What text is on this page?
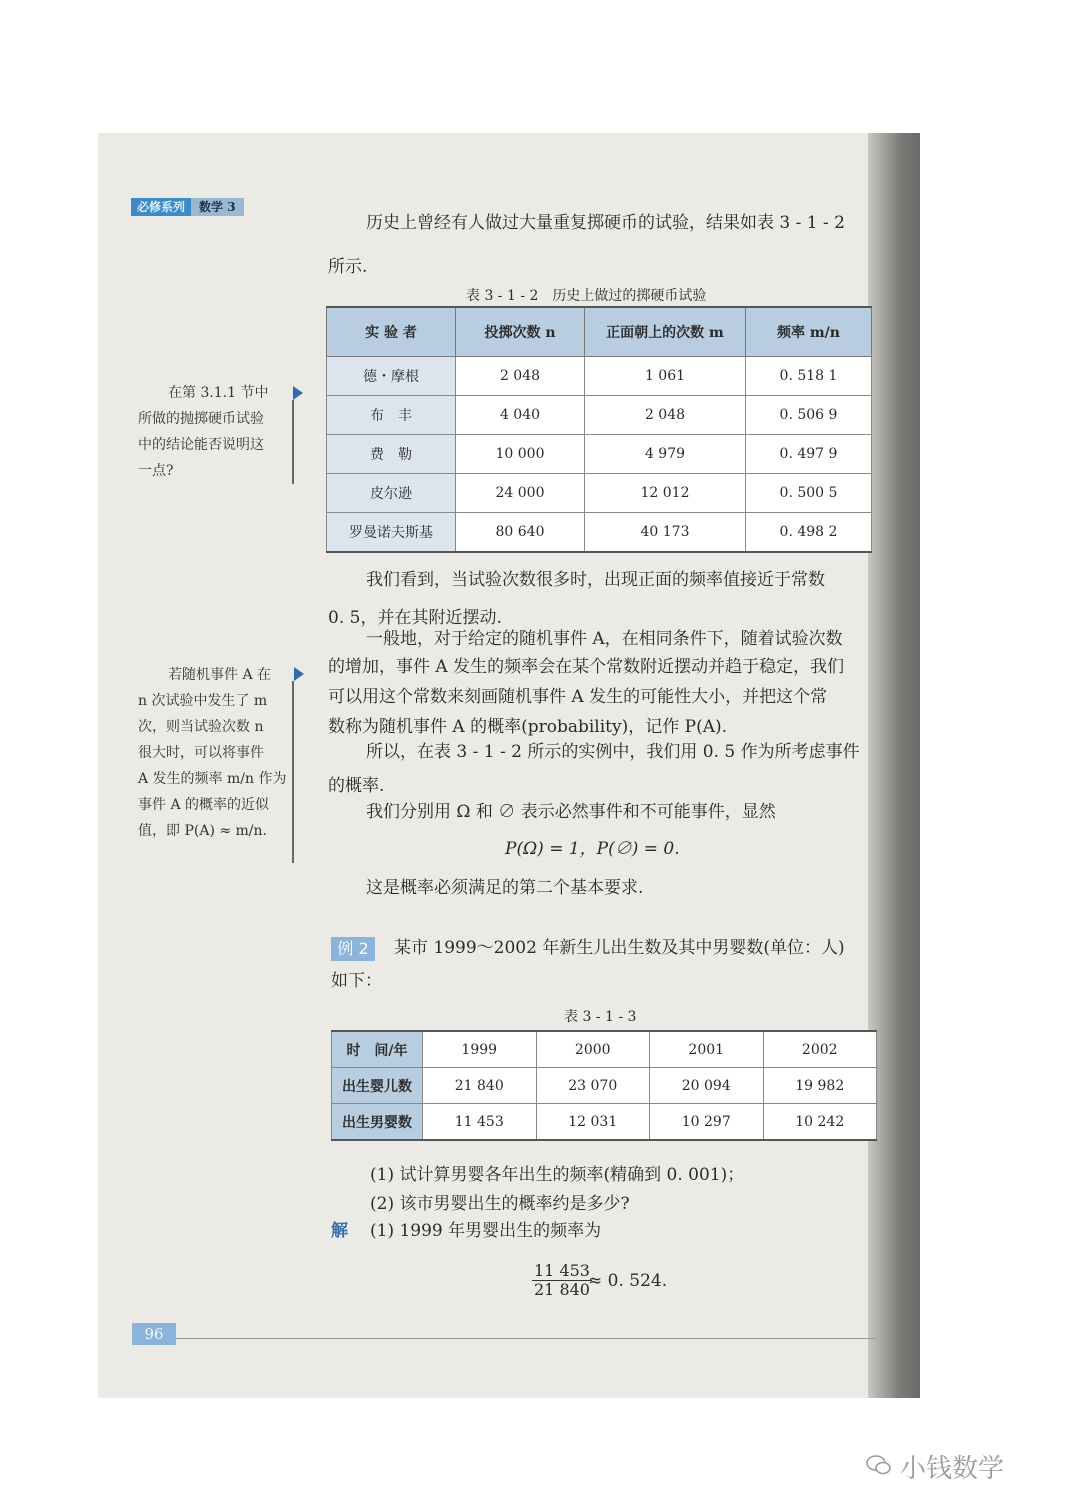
必修系列	数学 3
历史上曾经有人做过大量重复掷硬币的试验，结果如表 3 - 1 - 2
所示.
表 3 - 1 - 2　历史上做过的掷硬币试验
实 验 者	投掷次数 n	正面朝上的次数 m	频率 m/n
德・摩根	2 048	1 061	0. 518 1
布　丰	4 040	2 048	0. 506 9
费　勒	10 000	4 979	0. 497 9
皮尔逊	24 000	12 012	0. 500 5
罗曼诺夫斯基	80 640	40 173	0. 498 2
在第 3.1.1 节中
所做的抛掷硬币试验
中的结论能否说明这
一点?
我们看到，当试验次数很多时，出现正面的频率值接近于常数
0. 5，并在其附近摆动.
一般地，对于给定的随机事件 A，在相同条件下，随着试验次数
的增加，事件 A 发生的频率会在某个常数附近摆动并趋于稳定，我们
可以用这个常数来刻画随机事件 A 发生的可能性大小，并把这个常
数称为随机事件 A 的概率(probability)，记作 P(A).
所以，在表 3 - 1 - 2 所示的实例中，我们用 0. 5 作为所考虑事件
的概率.
我们分别用 Ω 和 ∅ 表示必然事件和不可能事件，显然
P(Ω) = 1，P(∅) = 0.
这是概率必须满足的第二个基本要求.
若随机事件 A 在
n 次试验中发生了 m
次，则当试验次数 n
很大时，可以将事件
A 发生的频率 m/n 作为
事件 A 的概率的近似
值，即 P(A) ≈ m/n.
例 2	某市 1999～2002 年新生儿出生数及其中男婴数(单位：人)
如下：
表 3 - 1 - 3
时　间/年	1999	2000	2001	2002
出生婴儿数	21 840	23 070	20 094	19 982
出生男婴数	11 453	12 031	10 297	10 242
(1) 试计算男婴各年出生的频率(精确到 0. 001)；
(2) 该市男婴出生的概率约是多少?
解 (1) 1999 年男婴出生的频率为
$\frac{11 453}{21 840}$
≈ 0. 524.
96
小钱数学
